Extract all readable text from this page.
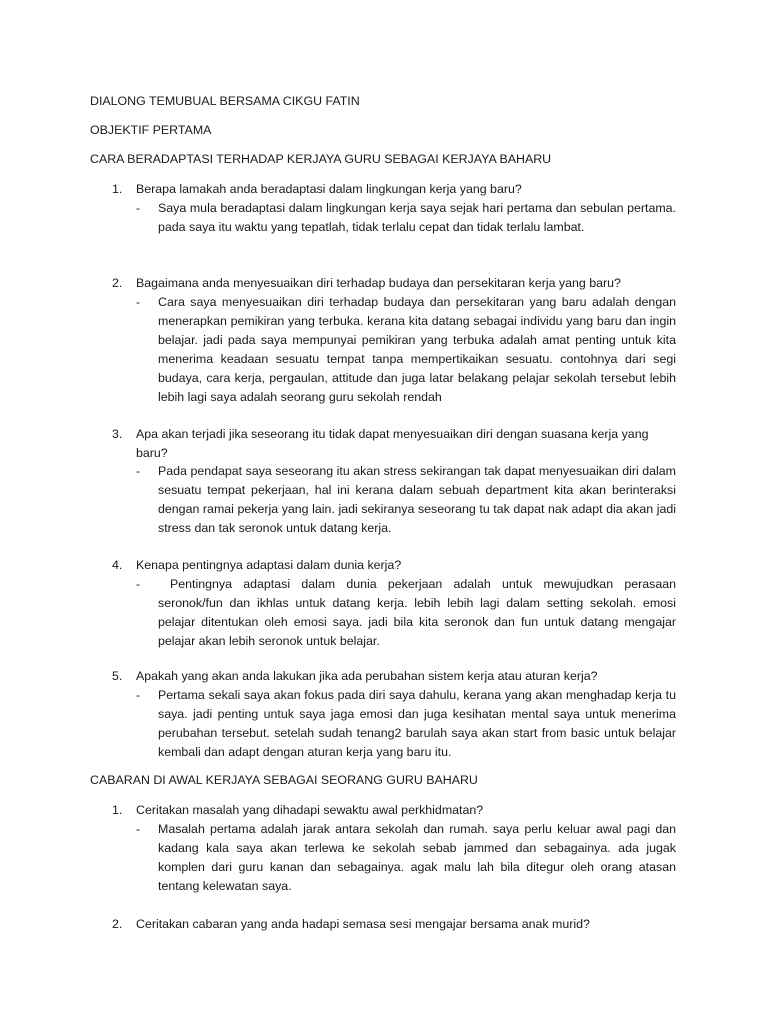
DIALONG TEMUBUAL BERSAMA CIKGU FATIN
OBJEKTIF PERTAMA
CARA BERADAPTASI TERHADAP KERJAYA GURU SEBAGAI KERJAYA BAHARU
1. Berapa lamakah anda beradaptasi dalam lingkungan kerja yang baru?
- Saya mula beradaptasi dalam lingkungan kerja saya sejak hari pertama dan sebulan pertama. pada saya itu waktu yang tepatlah, tidak terlalu cepat dan tidak terlalu lambat.
2. Bagaimana anda menyesuaikan diri terhadap budaya dan persekitaran kerja yang baru?
- Cara saya menyesuaikan diri terhadap budaya dan persekitaran yang baru adalah dengan menerapkan pemikiran yang terbuka. kerana kita datang sebagai individu yang baru dan ingin belajar. jadi pada saya mempunyai pemikiran yang terbuka adalah amat penting untuk kita menerima keadaan sesuatu tempat tanpa mempertikaikan sesuatu. contohnya dari segi budaya, cara kerja, pergaulan, attitude dan juga latar belakang pelajar sekolah tersebut lebih lebih lagi saya adalah seorang guru sekolah rendah
3. Apa akan terjadi jika seseorang itu tidak dapat menyesuaikan diri dengan suasana kerja yang baru?
- Pada pendapat saya seseorang itu akan stress sekirangan tak dapat menyesuaikan diri dalam sesuatu tempat pekerjaan, hal ini kerana dalam sebuah department kita akan berinteraksi dengan ramai pekerja yang lain. jadi sekiranya seseorang tu tak dapat nak adapt dia akan jadi stress dan tak seronok untuk datang kerja.
4. Kenapa pentingnya adaptasi dalam dunia kerja?
-	Pentingnya adaptasi dalam dunia pekerjaan adalah untuk mewujudkan perasaan seronok/fun dan ikhlas untuk datang kerja. lebih lebih lagi dalam setting sekolah. emosi pelajar ditentukan oleh emosi saya. jadi bila kita seronok dan fun untuk datang mengajar pelajar akan lebih seronok untuk belajar.
5. Apakah yang akan anda lakukan jika ada perubahan sistem kerja atau aturan kerja?
- Pertama sekali saya akan fokus pada diri saya dahulu, kerana yang akan menghadap kerja tu saya. jadi penting untuk saya jaga emosi dan juga kesihatan mental saya untuk menerima perubahan tersebut. setelah sudah tenang2 barulah saya akan start from basic untuk belajar kembali dan adapt dengan aturan kerja yang baru itu.
CABARAN DI AWAL KERJAYA SEBAGAI SEORANG GURU BAHARU
1. Ceritakan masalah yang dihadapi sewaktu awal perkhidmatan?
- Masalah pertama adalah jarak antara sekolah dan rumah. saya perlu keluar awal pagi dan kadang kala saya akan terlewa ke sekolah sebab jammed dan sebagainya. ada jugak komplen dari guru kanan dan sebagainya. agak malu lah bila ditegur oleh orang atasan tentang kelewatan saya.
2. Ceritakan cabaran yang anda hadapi semasa sesi mengajar bersama anak murid?
